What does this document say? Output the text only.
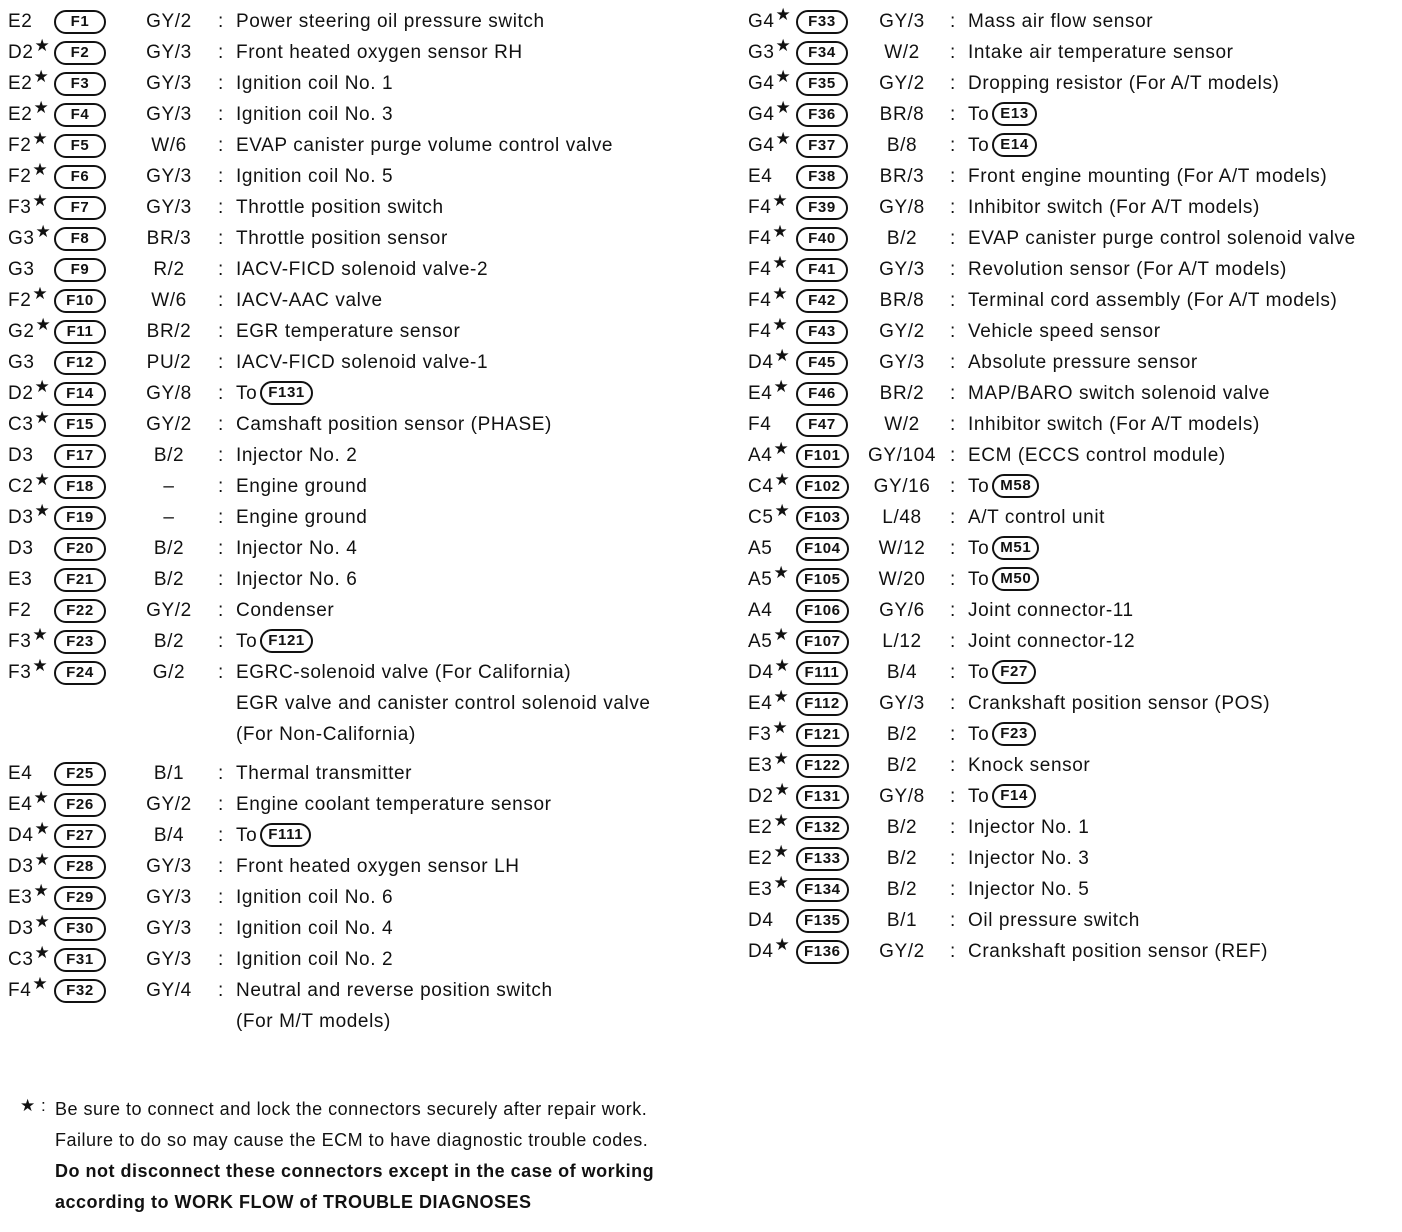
E2	F1	GY/2	: Power steering oil pressure switch
D2★	F2	GY/3	: Front heated oxygen sensor RH
E2★	F3	GY/3	: Ignition coil No. 1
E2★	F4	GY/3	: Ignition coil No. 3
F2★	F5	W/6	: EVAP canister purge volume control valve
F2★	F6	GY/3	: Ignition coil No. 5
F3★	F7	GY/3	: Throttle position switch
G3★	F8	BR/3	: Throttle position sensor
G3	F9	R/2	: IACV-FICD solenoid valve-2
F2★	F10	W/6	: IACV-AAC valve
G2★	F11	BR/2	: EGR temperature sensor
G3	F12	PU/2	: IACV-FICD solenoid valve-1
D2★	F14	GY/8	: To F131
C3★	F15	GY/2	: Camshaft position sensor (PHASE)
D3	F17	B/2	: Injector No. 2
C2★	F18	–	: Engine ground
D3★	F19	–	: Engine ground
D3	F20	B/2	: Injector No. 4
E3	F21	B/2	: Injector No. 6
F2	F22	GY/2	: Condenser
F3★	F23	B/2	: To F121
F3★	F24	G/2	: EGRC-solenoid valve (For California)
EGR valve and canister control solenoid valve
(For Non-California)
E4	F25	B/1	: Thermal transmitter
E4★	F26	GY/2	: Engine coolant temperature sensor
D4★	F27	B/4	: To F111
D3★	F28	GY/3	: Front heated oxygen sensor LH
E3★	F29	GY/3	: Ignition coil No. 6
D3★	F30	GY/3	: Ignition coil No. 4
C3★	F31	GY/3	: Ignition coil No. 2
F4★	F32	GY/4	: Neutral and reverse position switch
(For M/T models)
G4★	F33	GY/3	: Mass air flow sensor
G3★	F34	W/2	: Intake air temperature sensor
G4★	F35	GY/2	: Dropping resistor (For A/T models)
G4★	F36	BR/8	: To E13
G4★	F37	B/8	: To E14
E4	F38	BR/3	: Front engine mounting (For A/T models)
F4★	F39	GY/8	: Inhibitor switch (For A/T models)
F4★	F40	B/2	: EVAP canister purge control solenoid valve
F4★	F41	GY/3	: Revolution sensor (For A/T models)
F4★	F42	BR/8	: Terminal cord assembly (For A/T models)
F4★	F43	GY/2	: Vehicle speed sensor
D4★	F45	GY/3	: Absolute pressure sensor
E4★	F46	BR/2	: MAP/BARO switch solenoid valve
F4	F47	W/2	: Inhibitor switch (For A/T models)
A4★ F101	GY/104 : ECM (ECCS control module)
C4★ F102	GY/16	: To M58
C5★ F103	L/48	: A/T control unit
A5	F104	W/12	: To M51
A5★ F105	W/20	: To M50
A4	F106	GY/6	: Joint connector-11
A5★ F107	L/12	: Joint connector-12
D4★ F111	B/4	: To F27
E4★ F112	GY/3	: Crankshaft position sensor (POS)
F3★	F121	B/2	: To F23
E3★ F122	B/2	: Knock sensor
D2★ F131	GY/8	: To F14
E2★ F132	B/2	: Injector No. 1
E2★ F133	B/2	: Injector No. 3
E3★ F134	B/2	: Injector No. 5
D4	F135	B/1	: Oil pressure switch
D4★ F136	GY/2	: Crankshaft position sensor (REF)
★ : Be sure to connect and lock the connectors securely after repair work.
Failure to do so may cause the ECM to have diagnostic trouble codes.
Do not disconnect these connectors except in the case of working
according to WORK FLOW of TROUBLE DIAGNOSES
